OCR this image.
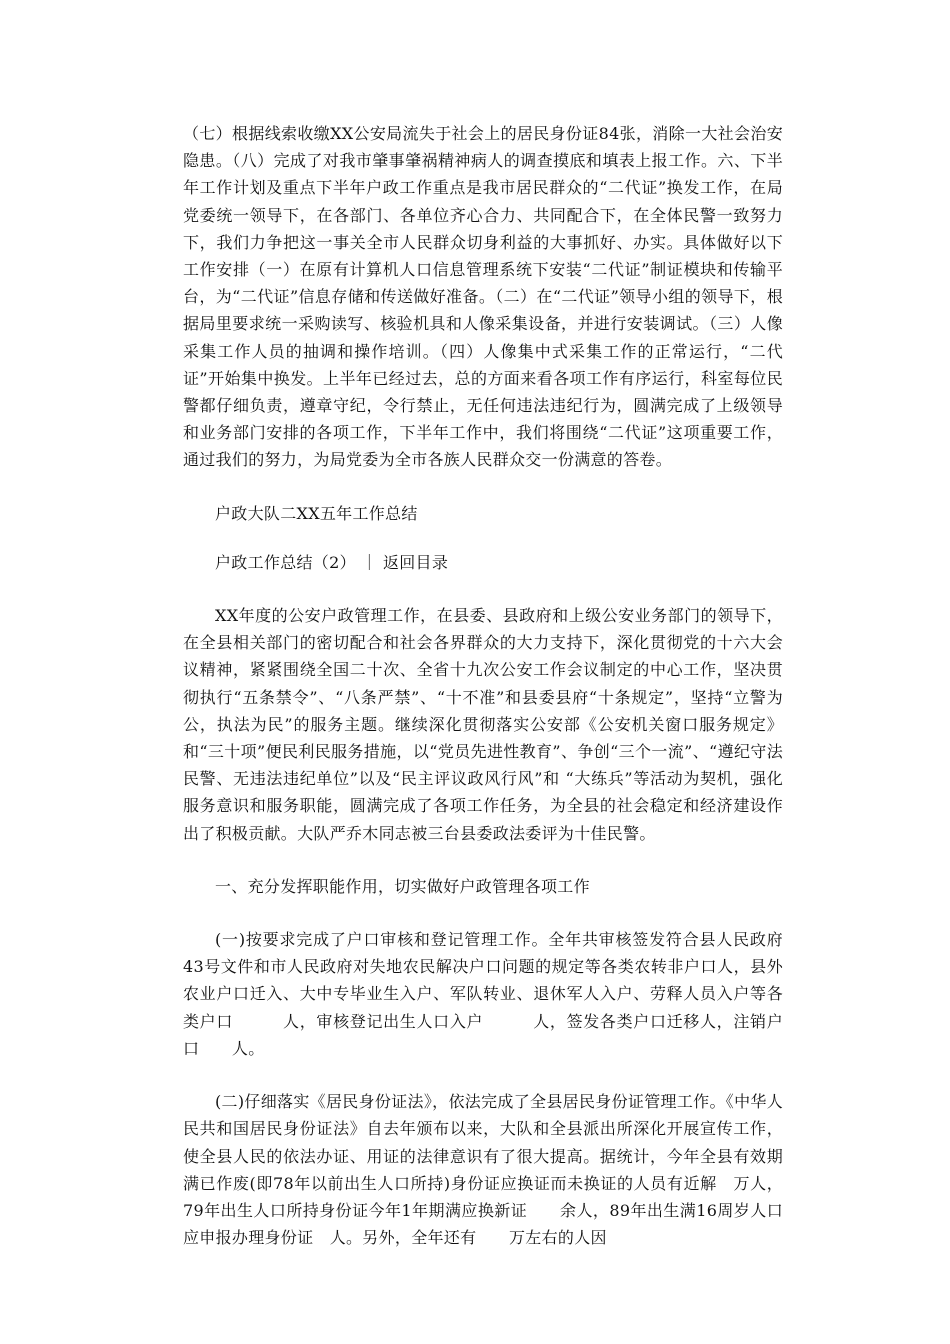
（七）根据线索收缴XX公安局流失于社会上的居民身份证84张，消除一大社会治安隐患。（八）完成了对我市肇事肇祸精神病人的调查摸底和填表上报工作。六、下半年工作计划及重点下半年户政工作重点是我市居民群众的“二代证”换发工作，在局党委统一领导下，在各部门、各单位齐心合力、共同配合下，在全体民警一致努力下，我们力争把这一事关全市人民群众切身利益的大事抓好、办实。具体做好以下工作安排（一）在原有计算机人口信息管理系统下安装“二代证”制证模块和传输平台，为“二代证”信息存储和传送做好准备。（二）在“二代证”领导小组的领导下，根据局里要求统一采购读写、核验机具和人像采集设备，并进行安装调试。（三）人像采集工作人员的抽调和操作培训。（四）人像集中式采集工作的正常运行，“二代证”开始集中换发。上半年已经过去，总的方面来看各项工作有序运行，科室每位民警都仔细负责，遵章守纪，令行禁止，无任何违法违纪行为，圆满完成了上级领导和业务部门安排的各项工作，下半年工作中，我们将围绕“二代证”这项重要工作，通过我们的努力，为局党委为全市各族人民群众交一份满意的答卷。

户政大队二XX五年工作总结

户政工作总结（2） ｜ 返回目录

XX年度的公安户政管理工作，在县委、县政府和上级公安业务部门的领导下，在全县相关部门的密切配合和社会各界群众的大力支持下，深化贯彻党的十六大会议精神，紧紧围绕全国二十次、全省十九次公安工作会议制定的中心工作，坚决贯彻执行“五条禁令”、“八条严禁”、“十不准”和县委县府“十条规定”，坚持“立警为公，执法为民”的服务主题。继续深化贯彻落实公安部《公安机关窗口服务规定》和“三十项”便民利民服务措施，以“党员先进性教育”、争创“三个一流”、“遵纪守法民警、无违法违纪单位”以及“民主评议政风行风”和 “大练兵”等活动为契机，强化服务意识和服务职能，圆满完成了各项工作任务，为全县的社会稳定和经济建设作出了积极贡献。大队严乔木同志被三台县委政法委评为十佳民警。

一、充分发挥职能作用，切实做好户政管理各项工作

(一)按要求完成了户口审核和登记管理工作。全年共审核签发符合县人民政府43号文件和市人民政府对失地农民解决户口问题的规定等各类农转非户口人，县外农业户口迁入、大中专毕业生入户、军队转业、退休军人入户、劳释人员入户等各类户口　　　人，审核登记出生人口入户　　　人，签发各类户口迁移人，注销户口　　人。

(二)仔细落实《居民身份证法》，依法完成了全县居民身份证管理工作。《中华人民共和国居民身份证法》自去年颁布以来，大队和全县派出所深化开展宣传工作，使全县人民的依法办证、用证的法律意识有了很大提高。据统计，今年全县有效期满已作废(即78年以前出生人口所持)身份证应换证而未换证的人员有近解　万人，79年出生人口所持身份证今年1年期满应换新证　　余人，89年出生满16周岁人口应申报办理身份证　人。另外，全年还有　　万左右的人因
